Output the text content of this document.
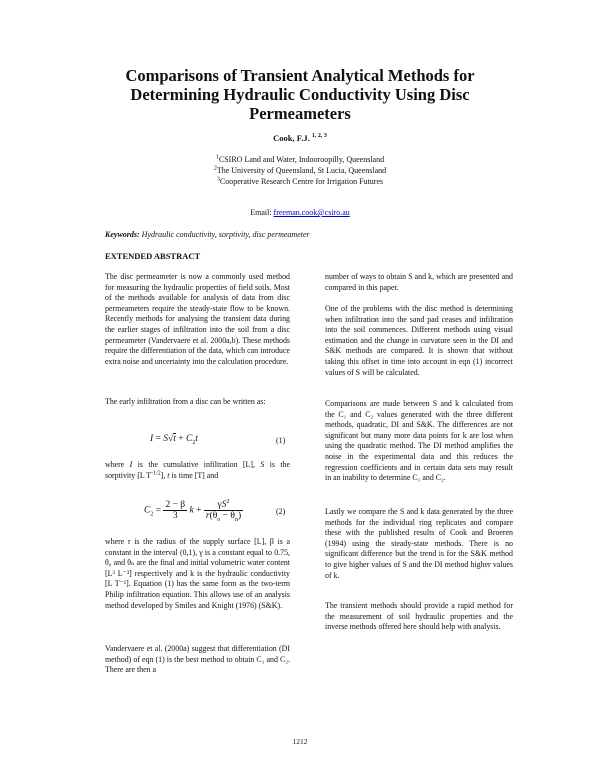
Comparisons of Transient Analytical Methods for Determining Hydraulic Conductivity Using Disc Permeameters
Cook, F.J. $^{1, 2, 3}$
$^1$CSIRO Land and Water, Indooroopilly, Queensland
$^2$The University of Queensland, St Lucia, Queensland
$^3$Cooperative Research Centre for Irrigation Futures
Email: freeman.cook@csiro.au
Keywords: Hydraulic conductivity, sorptivity, disc permeameter
EXTENDED ABSTRACT
The disc permeameter is now a commonly used method for measuring the hydraulic properties of field soils. Most of the methods available for analysis of data from disc permeameters require the steady-state flow to be known. Recently methods for analysing the transient data during the earlier stages of infiltration into the soil from a disc permeameter (Vandervaere et al. 2000a,b). These methods require the differentiation of the data, which can introduce extra noise and uncertainty into the calculation procedure.
The early infiltration from a disc can be written as:
$I = S√t + C_2t$	(1)
where I is the cumulative infiltration [L], S is the sorptivity [L $T^{-1/2}$], t is time [T] and
$C_2 = \frac{2 - \beta}{3}$ $k + \frac{\gamma S^2}{r(\theta_o - \theta_n)}$	(2)
where r is the radius of the supply surface [L], β is a constant in the interval (0,1), γ is a constant equal to 0.75, θ₀ and θₙ are the final and initial volumetric water content [L³ L⁻³] respectively and k is the hydraulic conductivity [L T⁻¹]. Equation (1) has the same form as the two-term Philip infiltration equation. This allows use of an analysis method developed by Smiles and Knight (1976) (S&K).
Vandervaere et al. (2000a) suggest that differentiation (DI method) of eqn (1) is the best method to obtain C₁ and C₂. There are then a
number of ways to obtain S and k, which are presented and compared in this paper.
One of the problems with the disc method is determining when infiltration into the sand pad ceases and infiltration into the soil commences. Different methods using visual estimation and the change in curvature seen in the DI and S&K methods are compared. It is shown that without taking this offset in time into account in eqn (1) incorrect values of S will be calculated.
Comparisons are made between S and k calculated from the C₁ and C₂ values generated with the three different methods, quadratic, DI and S&K. The differences are not significant but many more data points for k are lost when using the quadratic method. The DI method amplifies the noise in the experimental data and this reduces the regression coefficients and in certain data sets may result in an inability to determine C₁ and C₂.
Lastly we compare the S and k data generated by the three methods for the individual ring replicates and compare these with the published results of Cook and Broeren (1994) using the steady-state methods. There is no significant difference but the trend is for the S&K method to give higher values of S and the DI method higher values of k.
The transient methods should provide a rapid method for the measurement of soil hydraulic properties and the inverse methods offered here should help with analysis.
1212
